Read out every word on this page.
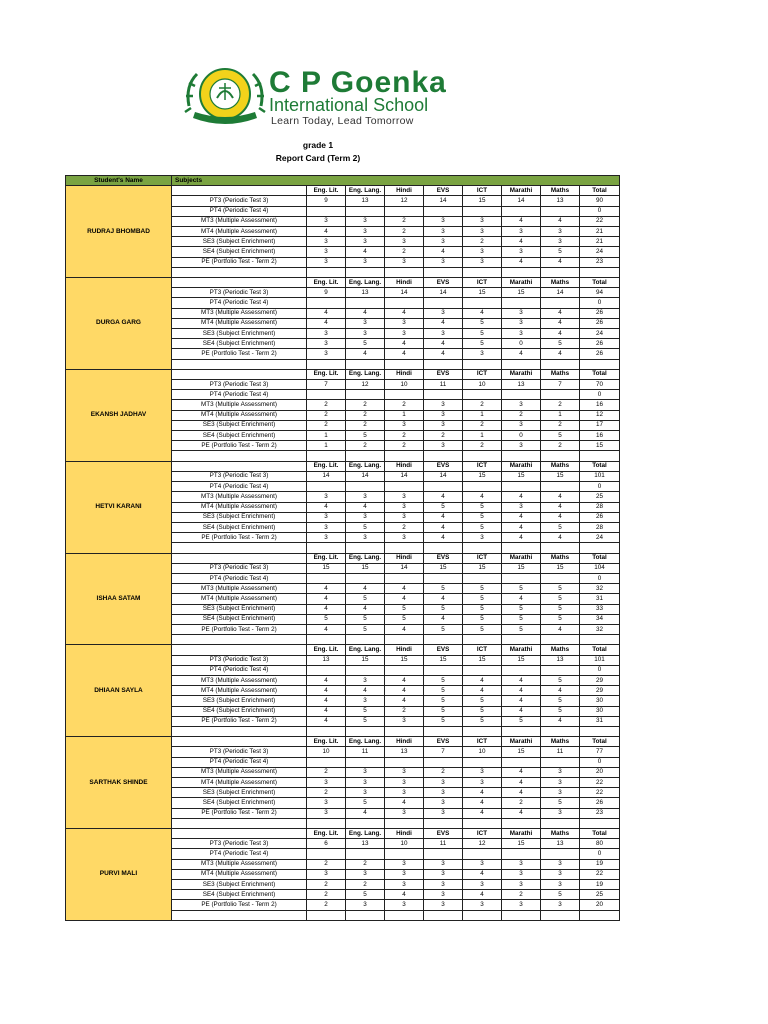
C P Goenka
International School
Learn Today, Lead Tomorrow
grade 1
Report Card (Term 2)
Student's Name	Subjects								
RUDRAJ BHOMBAD		Eng. Lit.	Eng. Lang.	Hindi	EVS	ICT	Marathi	Maths	Total
	PT3 (Periodic Test 3)	9	13	12	14	15	14	13	90
	PT4 (Periodic Test 4)								0
	MT3 (Multiple Assessment)	3	3	2	3	3	4	4	22
	MT4 (Multiple Assessment)	4	3	2	3	3	3	3	21
	SE3 (Subject Enrichment)	3	3	3	3	2	4	3	21
	SE4 (Subject Enrichment)	3	4	2	4	3	3	5	24
	PE (Portfolio Test - Term 2)	3	3	3	3	3	4	4	23

DURGA GARG		Eng. Lit.	Eng. Lang.	Hindi	EVS	ICT	Marathi	Maths	Total
	PT3 (Periodic Test 3)	9	13	14	14	15	15	14	94
	PT4 (Periodic Test 4)								0
	MT3 (Multiple Assessment)	4	4	4	3	4	3	4	26
	MT4 (Multiple Assessment)	4	3	3	4	5	3	4	26
	SE3 (Subject Enrichment)	3	3	3	3	5	3	4	24
	SE4 (Subject Enrichment)	3	5	4	4	5	0	5	26
	PE (Portfolio Test - Term 2)	3	4	4	4	3	4	4	26

EKANSH JADHAV		Eng. Lit.	Eng. Lang.	Hindi	EVS	ICT	Marathi	Maths	Total
	PT3 (Periodic Test 3)	7	12	10	11	10	13	7	70
	PT4 (Periodic Test 4)								0
	MT3 (Multiple Assessment)	2	2	2	3	2	3	2	16
	MT4 (Multiple Assessment)	2	2	1	3	1	2	1	12
	SE3 (Subject Enrichment)	2	2	3	3	2	3	2	17
	SE4 (Subject Enrichment)	1	5	2	2	1	0	5	16
	PE (Portfolio Test - Term 2)	1	2	2	3	2	3	2	15

HETVI KARANI		Eng. Lit.	Eng. Lang.	Hindi	EVS	ICT	Marathi	Maths	Total
	PT3 (Periodic Test 3)	14	14	14	14	15	15	15	101
	PT4 (Periodic Test 4)								0
	MT3 (Multiple Assessment)	3	3	3	4	4	4	4	25
	MT4 (Multiple Assessment)	4	4	3	5	5	3	4	28
	SE3 (Subject Enrichment)	3	3	3	4	5	4	4	26
	SE4 (Subject Enrichment)	3	5	2	4	5	4	5	28
	PE (Portfolio Test - Term 2)	3	3	3	4	3	4	4	24

ISHAA SATAM		Eng. Lit.	Eng. Lang.	Hindi	EVS	ICT	Marathi	Maths	Total
	PT3 (Periodic Test 3)	15	15	14	15	15	15	15	104
	PT4 (Periodic Test 4)								0
	MT3 (Multiple Assessment)	4	4	4	5	5	5	5	32
	MT4 (Multiple Assessment)	4	5	4	4	5	4	5	31
	SE3 (Subject Enrichment)	4	4	5	5	5	5	5	33
	SE4 (Subject Enrichment)	5	5	5	4	5	5	5	34
	PE (Portfolio Test - Term 2)	4	5	4	5	5	5	4	32

DHIAAN SAYLA		Eng. Lit.	Eng. Lang.	Hindi	EVS	ICT	Marathi	Maths	Total
	PT3 (Periodic Test 3)	13	15	15	15	15	15	13	101
	PT4 (Periodic Test 4)								0
	MT3 (Multiple Assessment)	4	3	4	5	4	4	5	29
	MT4 (Multiple Assessment)	4	4	4	5	4	4	4	29
	SE3 (Subject Enrichment)	4	3	4	5	5	4	5	30
	SE4 (Subject Enrichment)	4	5	2	5	5	4	5	30
	PE (Portfolio Test - Term 2)	4	5	3	5	5	5	4	31

SARTHAK SHINDE		Eng. Lit.	Eng. Lang.	Hindi	EVS	ICT	Marathi	Maths	Total
	PT3 (Periodic Test 3)	10	11	13	7	10	15	11	77
	PT4 (Periodic Test 4)								0
	MT3 (Multiple Assessment)	2	3	3	2	3	4	3	20
	MT4 (Multiple Assessment)	3	3	3	3	3	4	3	22
	SE3 (Subject Enrichment)	2	3	3	3	4	4	3	22
	SE4 (Subject Enrichment)	3	5	4	3	4	2	5	26
	PE (Portfolio Test - Term 2)	3	4	3	3	4	4	3	23

PURVI MALI		Eng. Lit.	Eng. Lang.	Hindi	EVS	ICT	Marathi	Maths	Total
	PT3 (Periodic Test 3)	6	13	10	11	12	15	13	80
	PT4 (Periodic Test 4)								0
	MT3 (Multiple Assessment)	2	2	3	3	3	3	3	19
	MT4 (Multiple Assessment)	3	3	3	3	4	3	3	22
	SE3 (Subject Enrichment)	2	2	3	3	3	3	3	19
	SE4 (Subject Enrichment)	2	5	4	3	4	2	5	25
	PE (Portfolio Test - Term 2)	2	3	3	3	3	3	3	20
